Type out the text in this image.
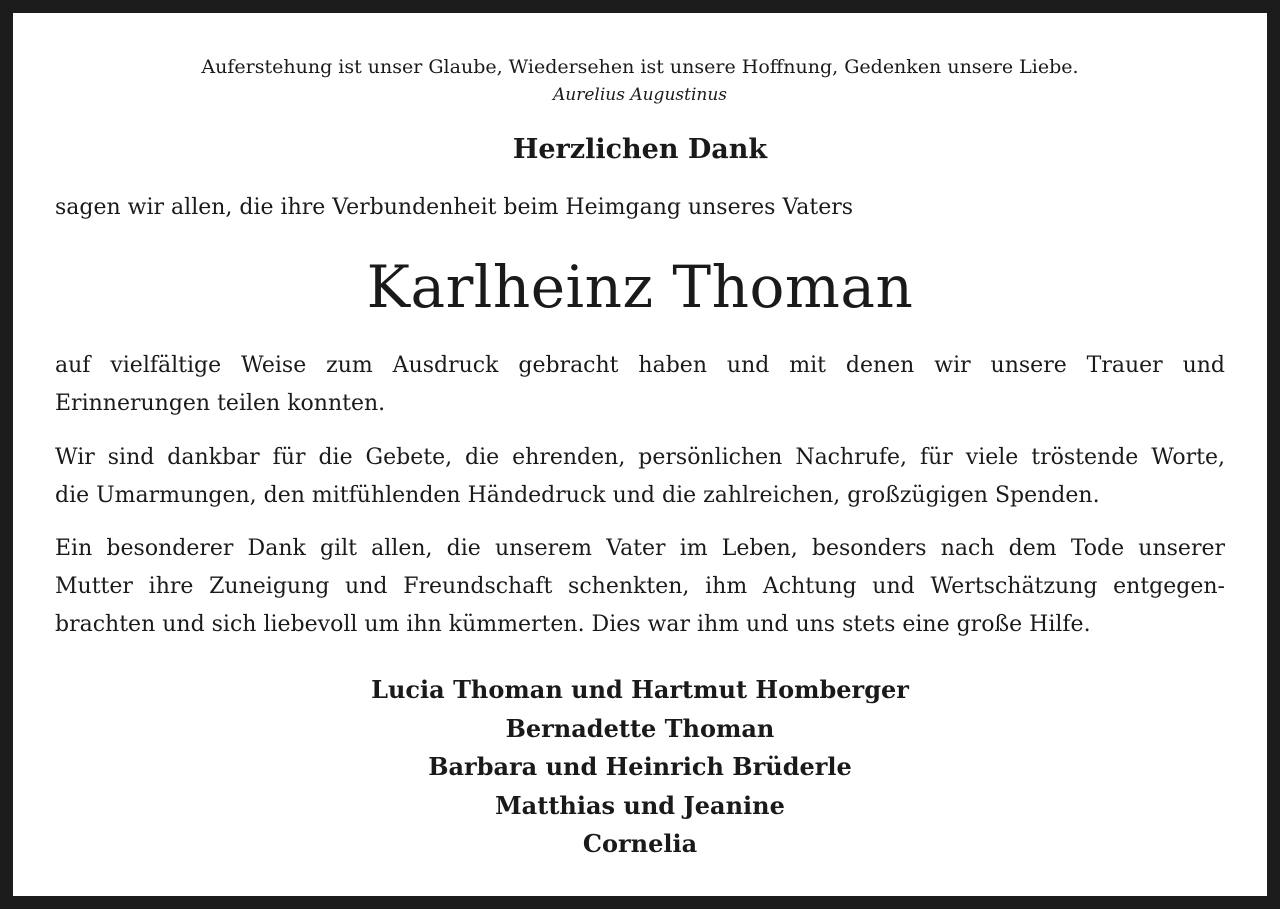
Auferstehung ist unser Glaube, Wiedersehen ist unsere Hoffnung, Gedenken unsere Liebe.
Aurelius Augustinus
Herzlichen Dank
sagen wir allen, die ihre Verbundenheit beim Heimgang unseres Vaters
Karlheinz Thoman
auf vielfältige Weise zum Ausdruck gebracht haben und mit denen wir unsere Trauer und
Erinnerungen teilen konnten.
Wir sind dankbar für die Gebete, die ehrenden, persönlichen Nachrufe, für viele tröstende Worte,
die Umarmungen, den mitfühlenden Händedruck und die zahlreichen, großzügigen Spenden.
Ein besonderer Dank gilt allen, die unserem Vater im Leben, besonders nach dem Tode unserer
Mutter ihre Zuneigung und Freundschaft schenkten, ihm Achtung und Wertschätzung entgegen-
brachten und sich liebevoll um ihn kümmerten. Dies war ihm und uns stets eine große Hilfe.
Lucia Thoman und Hartmut Homberger
Bernadette Thoman
Barbara und Heinrich Brüderle
Matthias und Jeanine
Cornelia
